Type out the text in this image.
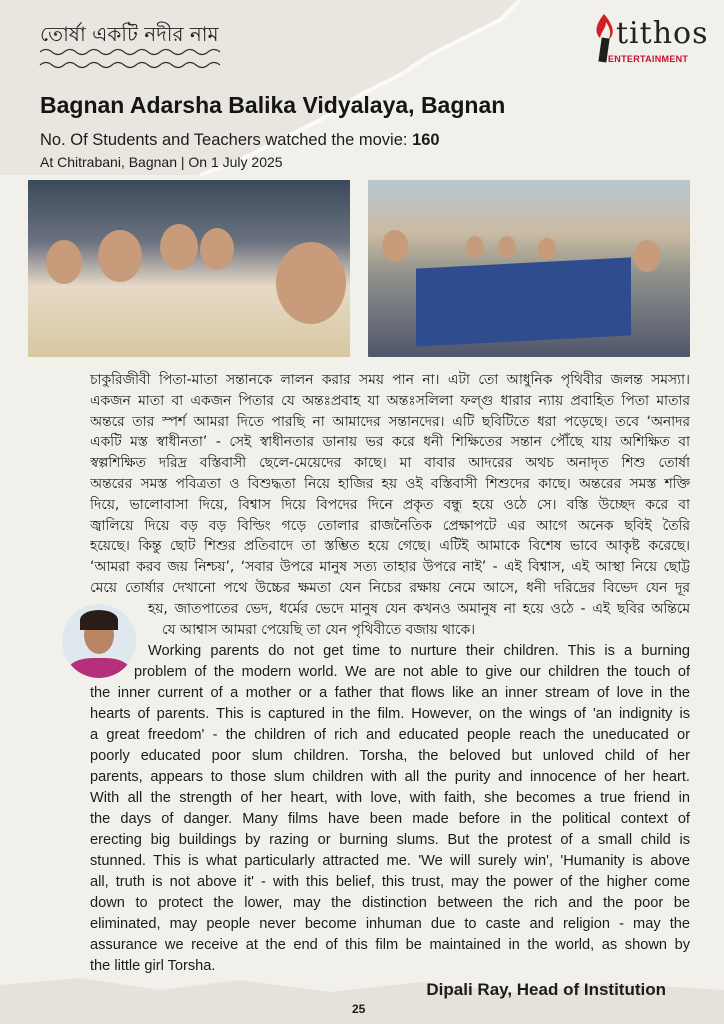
তোর্ষা একটি নদীর নাম	tithos
ENTERTAINMENT
Bagnan Adarsha Balika Vidyalaya, Bagnan
No. Of Students and Teachers watched the movie: 160
At Chitrabani, Bagnan | On 1 July 2025
চাকুরিজীবী পিতা-মাতা সন্তানকে লালন করার সময় পান না। এটা তো আধুনিক পৃথিবীর জলন্ত সমস্যা।
একজন মাতা বা একজন পিতার যে অন্তঃপ্রবাহ যা অন্তঃসলিলা ফল্গু ধারার ন্যায় প্রবাহিত পিতা মাতার
অন্তরে তার স্পর্শ আমরা দিতে পারছি না আমাদের সন্তানদের। এটি ছবিটিতে ধরা পড়েছে। তবে ‘অনাদর
একটি মস্ত স্বাধীনতা’ - সেই স্বাধীনতার ডানায় ভর করে ধনী শিক্ষিতের সন্তান পৌঁছে যায় অশিক্ষিত বা
স্বল্পশিক্ষিত দরিদ্র বস্তিবাসী ছেলে-মেয়েদের কাছে। মা বাবার আদরের অথচ অনাদৃত শিশু তোর্ষা
অন্তরের সমস্ত পবিত্রতা ও বিশুদ্ধতা নিয়ে হাজির হয় ওই বস্তিবাসী শিশুদের কাছে। অন্তরের সমস্ত শক্তি
দিয়ে, ভালোবাসা দিয়ে, বিশ্বাস দিয়ে বিপদের দিনে প্রকৃত বন্ধু হয়ে ওঠে সে। বস্তি উচ্ছেদ করে বা
জ্বালিয়ে দিয়ে বড় বড় বিল্ডিং গড়ে তোলার রাজনৈতিক প্রেক্ষাপটে এর আগে অনেক ছবিই তৈরি
হয়েছে। কিন্তু ছোট শিশুর প্রতিবাদে তা স্তম্ভিত হয়ে গেছে। এটিই আমাকে বিশেষ ভাবে আকৃষ্ট করেছে।
‘আমরা করব জয় নিশ্চয়’, ‘সবার উপরে মানুষ সত্য তাহার উপরে নাই’ - এই বিশ্বাস, এই আস্থা নিয়ে ছোট্ট
মেয়ে তোর্ষার দেখানো পথে উচ্চের ক্ষমতা যেন নিচের রক্ষায় নেমে আসে, ধনী দরিদ্রের বিভেদ যেন দূর
হয়, জাতপাতের ভেদ, ধর্মের ভেদে মানুষ যেন কখনও অমানুষ না হয়ে ওঠে - এই ছবির অন্তিমে
যে আশ্বাস আমরা পেয়েছি তা যেন পৃথিবীতে বজায় থাকে।
Working parents do not get time to nurture their children. This is a burning
problem of the modern world. We are not able to give our children the touch of
the inner current of a mother or a father that flows like an inner stream of love in the
hearts of parents. This is captured in the film. However, on the wings of 'an indignity is
a great freedom' - the children of rich and educated people reach the uneducated or
poorly educated poor slum children. Torsha, the beloved but unloved child of her
parents, appears to those slum children with all the purity and innocence of her heart.
With all the strength of her heart, with love, with faith, she becomes a true friend in
the days of danger. Many films have been made before in the political context of
erecting big buildings by razing or burning slums. But the protest of a small child is
stunned. This is what particularly attracted me. 'We will surely win', 'Humanity is above
all, truth is not above it' - with this belief, this trust, may the power of the higher come
down to protect the lower, may the distinction between the rich and the poor be
eliminated, may people never become inhuman due to caste and religion - may the
assurance we receive at the end of this film be maintained in the world, as shown by
the little girl Torsha.
Dipali Ray, Head of Institution
25
